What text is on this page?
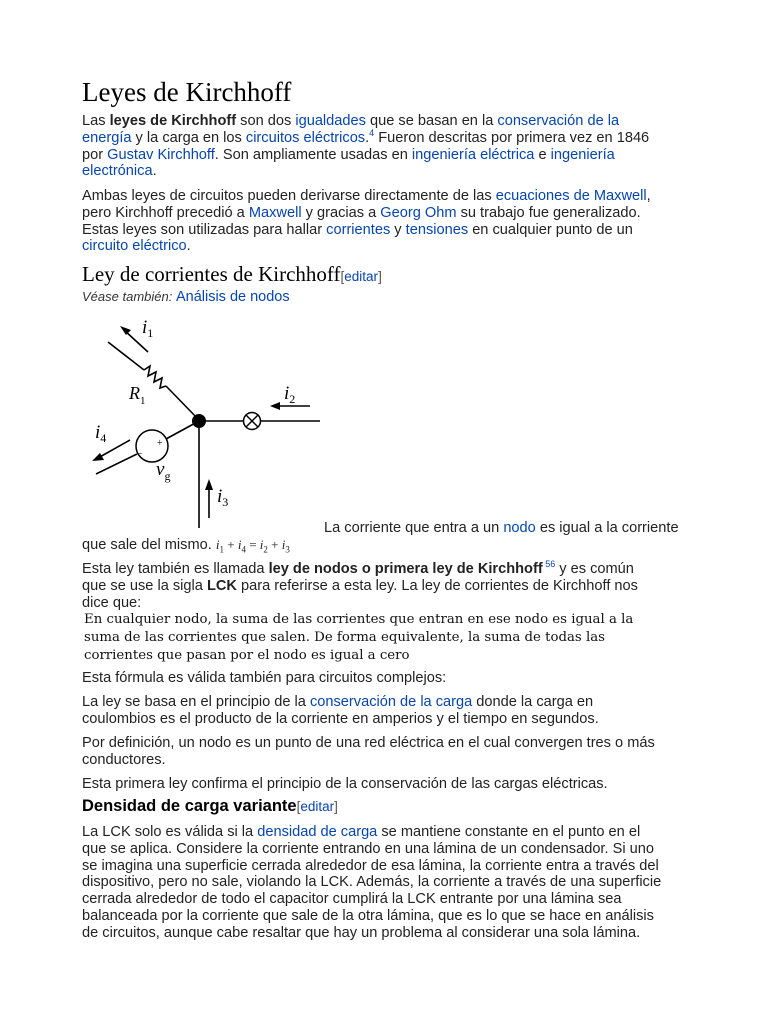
Leyes de Kirchhoff

Las leyes de Kirchhoff son dos igualdades que se basan en la conservación de la energía y la carga en los circuitos eléctricos.$^4$ Fueron descritas por primera vez en 1846 por Gustav Kirchhoff. Son ampliamente usadas en ingeniería eléctrica e ingeniería electrónica.

Ambas leyes de circuitos pueden derivarse directamente de las ecuaciones de Maxwell, pero Kirchhoff precedió a Maxwell y gracias a Georg Ohm su trabajo fue generalizado. Estas leyes son utilizadas para hallar corrientes y tensiones en cualquier punto de un circuito eléctrico.

Ley de corrientes de Kirchhoff[editar]
Véase también: Análisis de nodos
$i_1$
$R_1$	$i_2$
$i_4$
$v_g$
+
−
$i_3$

La corriente que entra a un nodo es igual a la corriente que sale del mismo. $i_1 + i_4 = i_2 + i_3$

Esta ley también es llamada ley de nodos o primera ley de Kirchhoff $^{56}$ y es común que se use la sigla LCK para referirse a esta ley. La ley de corrientes de Kirchhoff nos dice que:

En cualquier nodo, la suma de las corrientes que entran en ese nodo es igual a la suma de las corrientes que salen. De forma equivalente, la suma de todas las corrientes que pasan por el nodo es igual a cero

Esta fórmula es válida también para circuitos complejos:

La ley se basa en el principio de la conservación de la carga donde la carga en coulombios es el producto de la corriente en amperios y el tiempo en segundos.

Por definición, un nodo es un punto de una red eléctrica en el cual convergen tres o más conductores.

Esta primera ley confirma el principio de la conservación de las cargas eléctricas.

Densidad de carga variante[editar]

La LCK solo es válida si la densidad de carga se mantiene constante en el punto en el que se aplica. Considere la corriente entrando en una lámina de un condensador. Si uno se imagina una superficie cerrada alrededor de esa lámina, la corriente entra a través del dispositivo, pero no sale, violando la LCK. Además, la corriente a través de una superficie cerrada alrededor de todo el capacitor cumplirá la LCK entrante por una lámina sea balanceada por la corriente que sale de la otra lámina, que es lo que se hace en análisis de circuitos, aunque cabe resaltar que hay un problema al considerar una sola lámina.
